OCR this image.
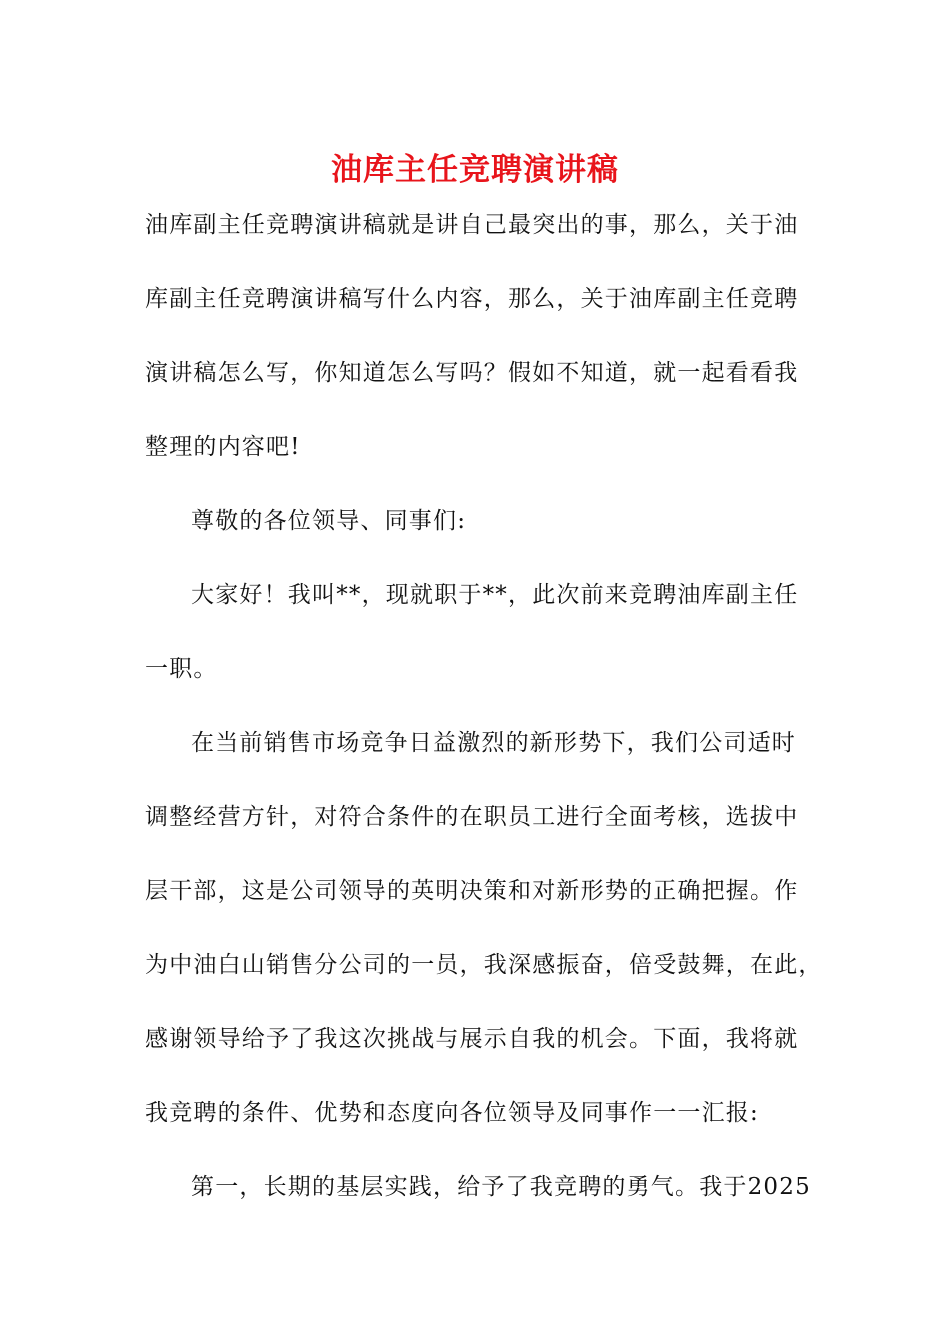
油库主任竞聘演讲稿
油库副主任竞聘演讲稿就是讲自己最突出的事，那么，关于油
库副主任竞聘演讲稿写什么内容，那么，关于油库副主任竞聘
演讲稿怎么写，你知道怎么写吗？假如不知道，就一起看看我
整理的内容吧!
尊敬的各位领导、同事们:
大家好！我叫**，现就职于**，此次前来竞聘油库副主任
一职。
在当前销售市场竞争日益激烈的新形势下，我们公司适时
调整经营方针，对符合条件的在职员工进行全面考核，选拔中
层干部，这是公司领导的英明决策和对新形势的正确把握。作
为中油白山销售分公司的一员，我深感振奋，倍受鼓舞，在此，
感谢领导给予了我这次挑战与展示自我的机会。下面，我将就
我竞聘的条件、优势和态度向各位领导及同事作一一汇报:
第一，长期的基层实践，给予了我竞聘的勇气。我于2025
